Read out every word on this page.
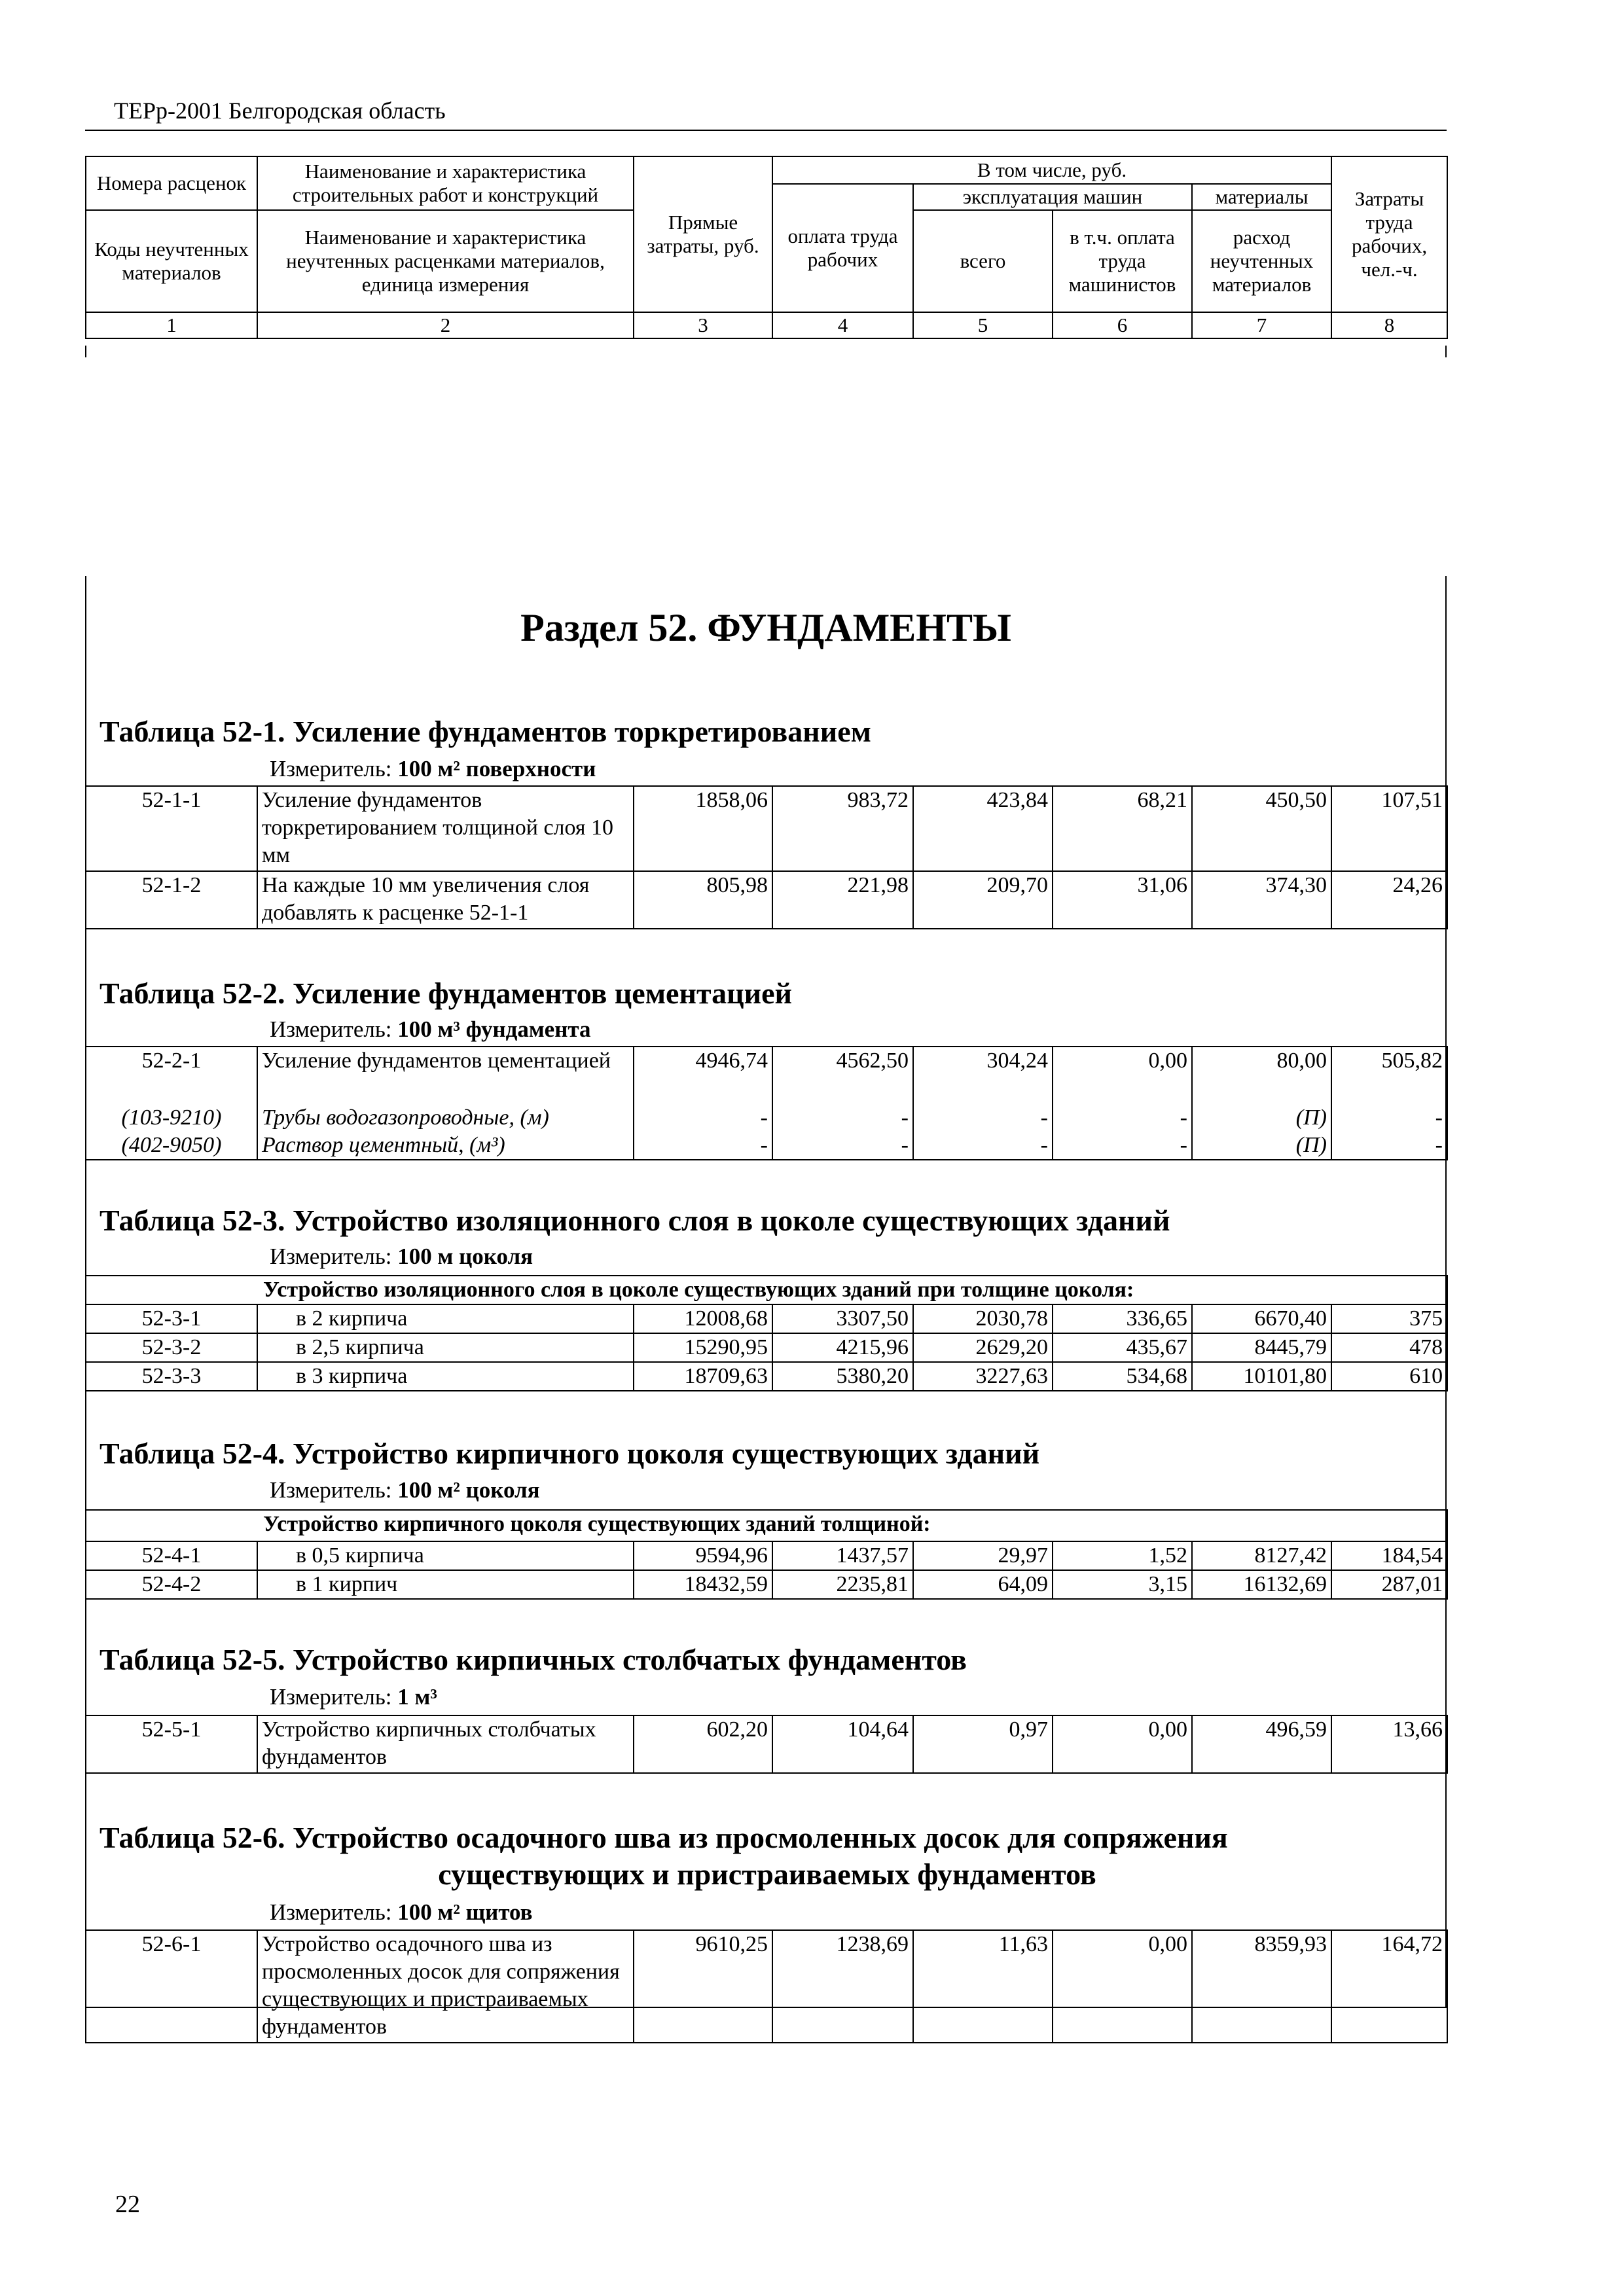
ТЕРр-2001 Белгородская область
Номера расценок	Наименование и характеристика строительных работ и конструкций	Прямые затраты, руб.	В том числе, руб.				Затраты труда рабочих, чел.-ч.
			оплата труда рабочих	эксплуатация машин		материалы	
Коды неучтенных материалов	Наименование и характеристика неучтенных расценками материалов, единица измерения			всего	в т.ч. оплата труда машинистов	расход неучтенных материалов	

1	2	3	4	5	6	7	8
Раздел 52. ФУНДАМЕНТЫ
Таблица 52-1. Усиление фундаментов торкретированием
Измеритель: 100 м² поверхности
52-1-1	Усиление фундаментов торкретированием толщиной слоя 10 мм	1858,06	983,72	423,84	68,21	450,50	107,51
52-1-2	На каждые 10 мм увеличения слоя добавлять к расценке 52-1-1	805,98	221,98	209,70	31,06	374,30	24,26
Таблица 52-2. Усиление фундаментов цементацией
Измеритель: 100 м³ фундамента
52-2-1	Усиление фундаментов цементацией	4946,74	4562,50	304,24	0,00	80,00	505,82
(103-9210)	Трубы водогазопроводные, (м)	-	-	-	-	(П)	-
(402-9050)	Раствор цементный, (м³)	-	-	-	-	(П)	-
Таблица 52-3. Устройство изоляционного слоя в цоколе существующих зданий
Измеритель: 100 м цоколя
Устройство изоляционного слоя в цоколе существующих зданий при толщине цоколя:							
52-3-1	в 2 кирпича	12008,68	3307,50	2030,78	336,65	6670,40	375
52-3-2	в 2,5 кирпича	15290,95	4215,96	2629,20	435,67	8445,79	478
52-3-3	в 3 кирпича	18709,63	5380,20	3227,63	534,68	10101,80	610
Таблица 52-4. Устройство кирпичного цоколя существующих зданий
Измеритель: 100 м² цоколя
Устройство кирпичного цоколя существующих зданий толщиной:							
52-4-1	в 0,5 кирпича	9594,96	1437,57	29,97	1,52	8127,42	184,54
52-4-2	в 1 кирпич	18432,59	2235,81	64,09	3,15	16132,69	287,01
Таблица 52-5. Устройство кирпичных столбчатых фундаментов
Измеритель: 1 м³
52-5-1	Устройство кирпичных столбчатых фундаментов	602,20	104,64	0,97	0,00	496,59	13,66
Таблица 52-6. Устройство осадочного шва из просмоленных досок для сопряжения
существующих и пристраиваемых фундаментов
Измеритель: 100 м² щитов
52-6-1	Устройство осадочного шва из просмоленных досок для сопряжения существующих и пристраиваемых фундаментов	9610,25	1238,69	11,63	0,00	8359,93	164,72
22
